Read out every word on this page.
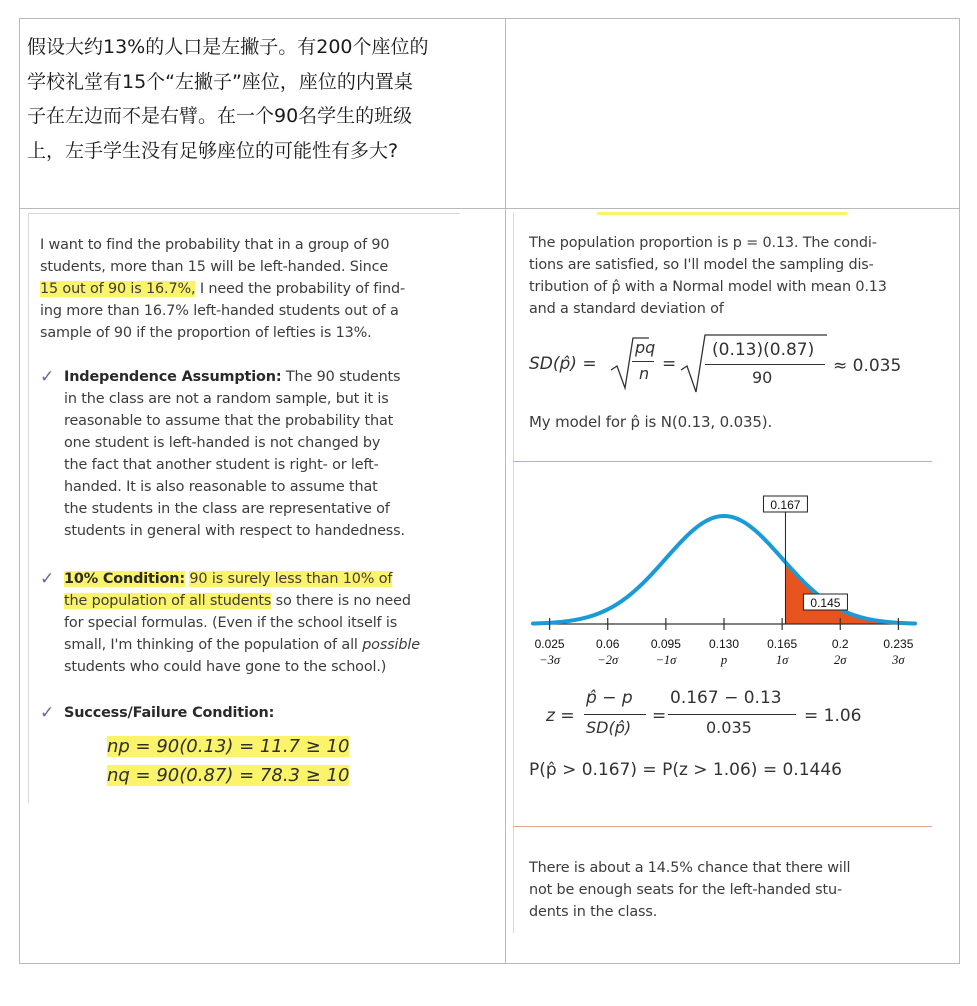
假设大约13%的人口是左撇子。有200个座位的
学校礼堂有15个“左撇子”座位，座位的内置桌
子在左边而不是右臂。在一个90名学生的班级
上，左手学生没有足够座位的可能性有多大?

I want to find the probability that in a group of 90

students, more than 15 will be left-handed. Since

15 out of 90 is 16.7%, I need the probability of find-

ing more than 16.7% left-handed students out of a

sample of 90 if the proportion of lefties is 13%.

✓ Independence Assumption: The 90 students
in the class are not a random sample, but it is
reasonable to assume that the probability that
one student is left-handed is not changed by
the fact that another student is right- or left-
handed. It is also reasonable to assume that
the students in the class are representative of
students in general with respect to handedness.
✓ 10% Condition: 90 is surely less than 10% of
the population of all students so there is no need
for special formulas. (Even if the school itself is
small, I'm thinking of the population of all possible
students who could have gone to the school.)
✓ Success/Failure Condition:
np = 90(0.13) = 11.7 ≥ 10
nq = 90(0.87) = 78.3 ≥ 10

The population proportion is p = 0.13. The condi-

tions are satisfied, so I'll model the sampling dis-

tribution of p̂ with a Normal model with mean 0.13

and a standard deviation of

SD(p̂) =
pq
n =
(0.13)(0.87)
90
≈ 0.035
My model for p̂ is N(0.13, 0.035).
0.167
0.145
0.025
−3σ
0.06
−2σ
0.095
−1σ
0.130
p
0.165
1σ
0.2
2σ
0.235
3σ
z =
p̂ − p
SD(p̂)
=
0.167 − 0.13
0.035
= 1.06
P(p̂ > 0.167) = P(z > 1.06) = 0.1446

There is about a 14.5% chance that there will

not be enough seats for the left-handed stu-

dents in the class.
